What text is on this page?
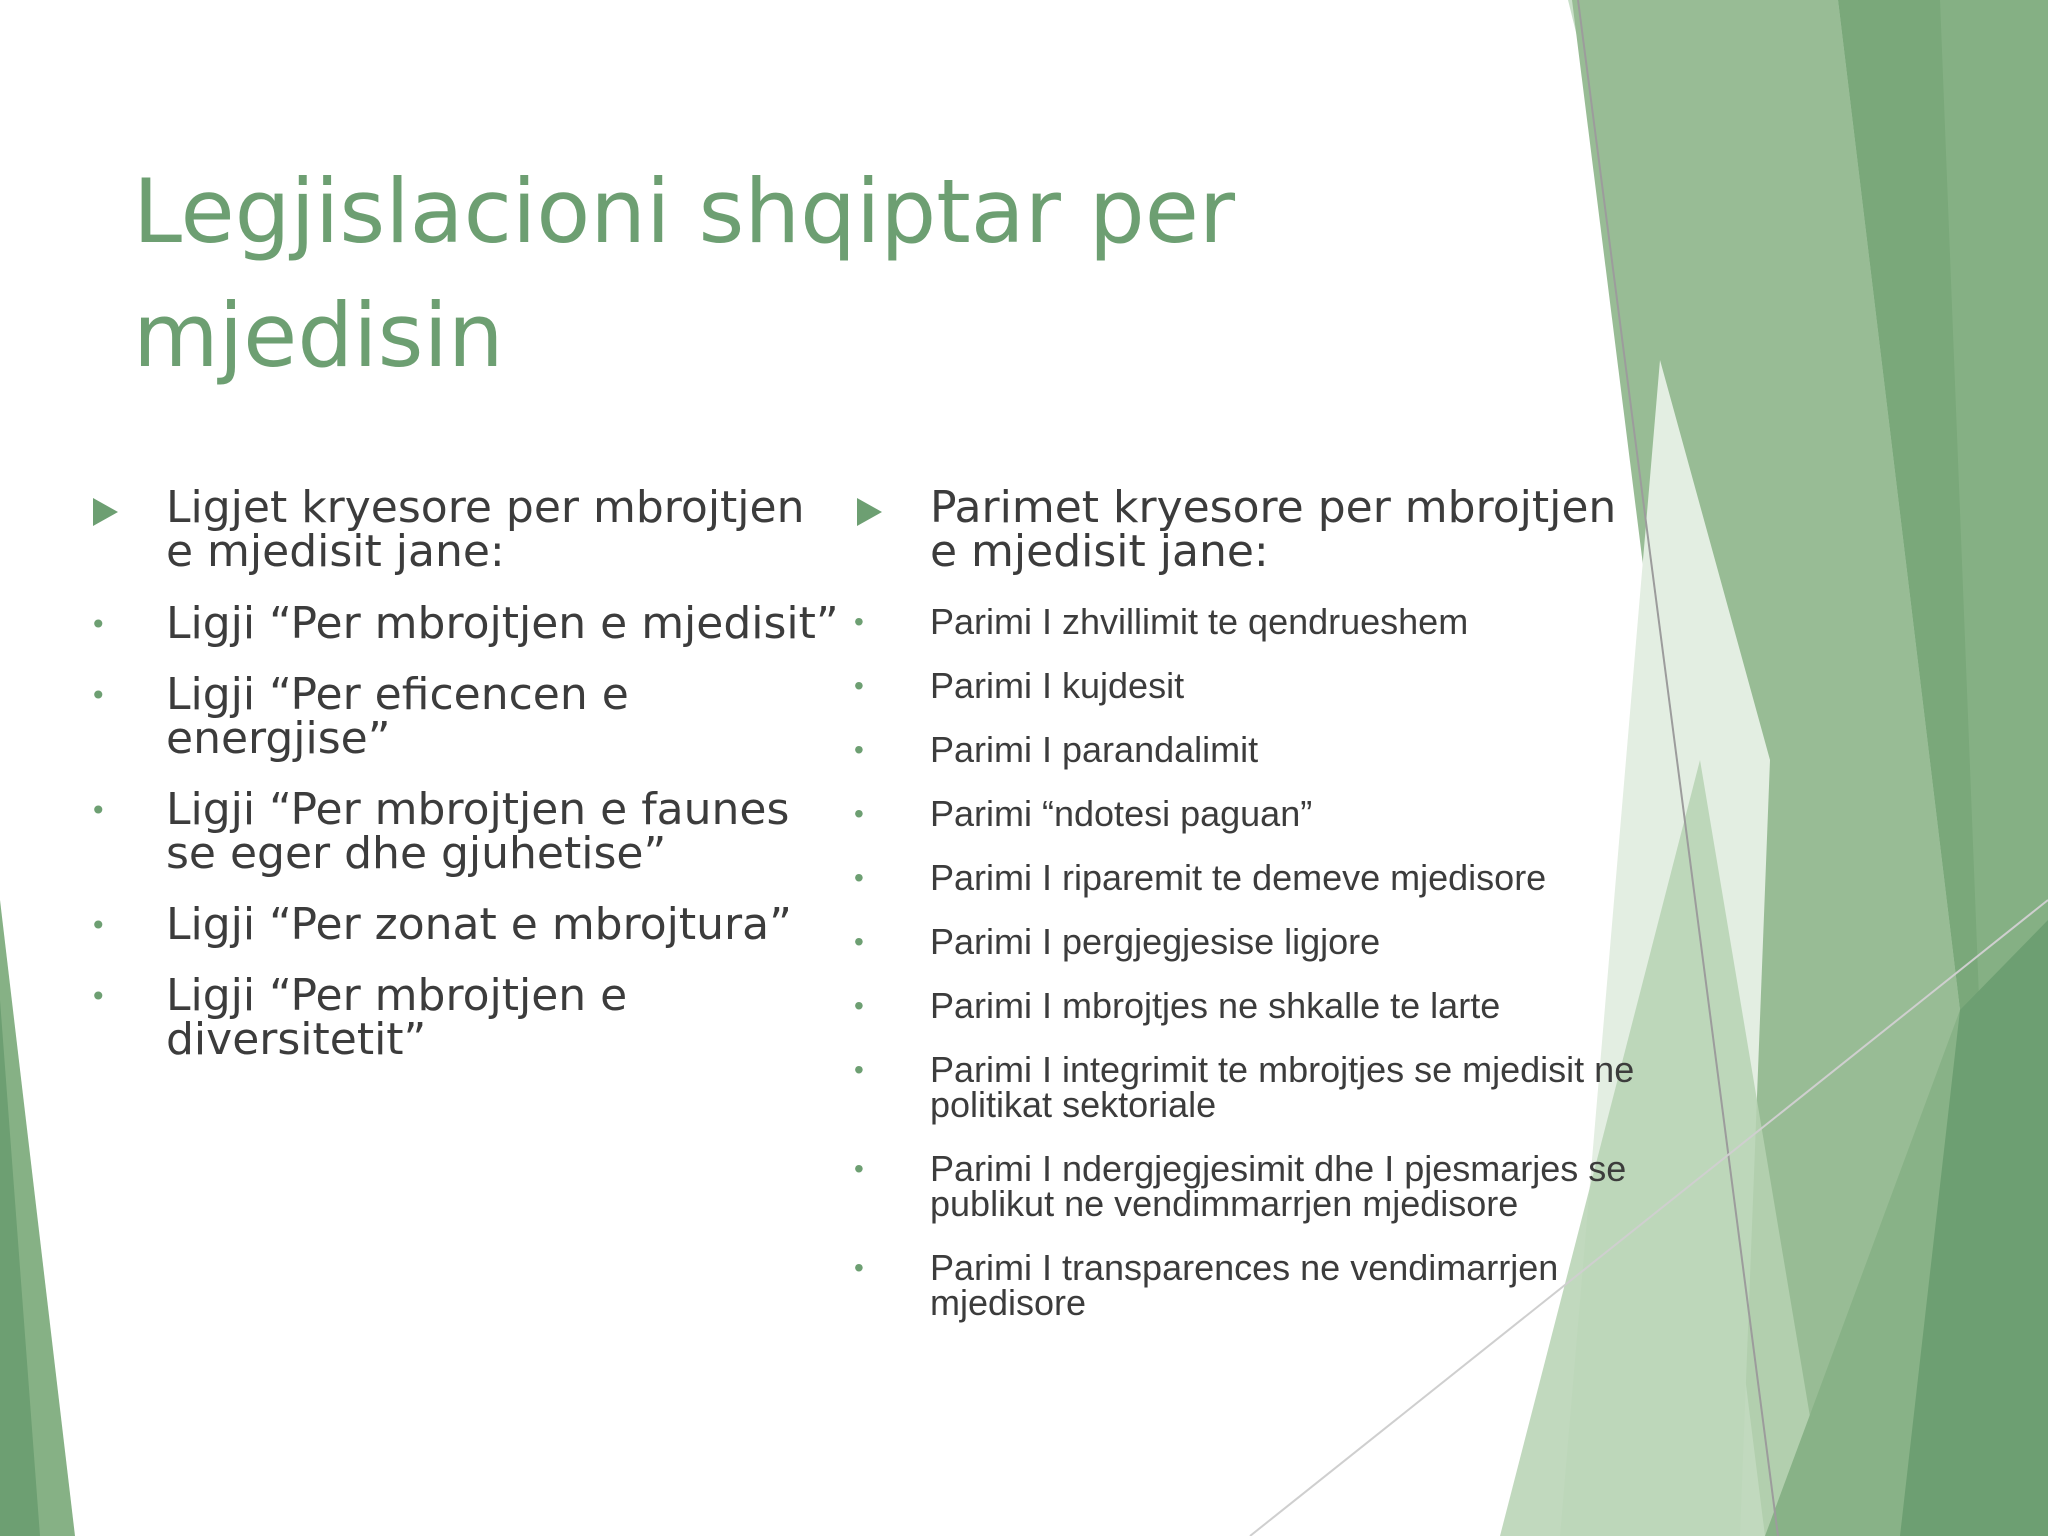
Legjislacioni shqiptar per mjedisin
Ligjet kryesore per mbrojtjen e mjedisit jane:
• Ligji “Per mbrojtjen e mjedisit”
• Ligji “Per eficencen e energjise”
• Ligji “Per mbrojtjen e faunes se eger dhe gjuhetise”
• Ligji “Per zonat e mbrojtura”
• Ligji “Per mbrojtjen e diversitetit”
Parimet kryesore per mbrojtjen e mjedisit jane:
• Parimi I zhvillimit te qendrueshem
• Parimi I kujdesit
• Parimi I parandalimit
• Parimi “ndotesi paguan”
• Parimi I riparemit te demeve mjedisore
• Parimi I pergjegjesise ligjore
• Parimi I mbrojtjes ne shkalle te larte
• Parimi I integrimit te mbrojtjes se mjedisit ne politikat sektoriale
• Parimi I ndergjegjesimit dhe I pjesmarjes se publikut ne vendimmarrjen mjedisore
• Parimi I transparences ne vendimarrjen mjedisore
